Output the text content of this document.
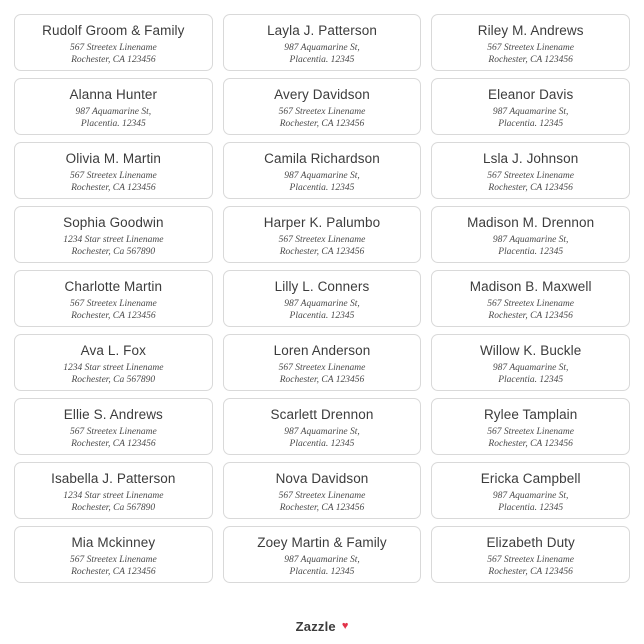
Rudolf Groom & Family
567 Streetex Linename
Rochester, CA 123456
Layla J. Patterson
987 Aquamarine St,
Placentia. 12345
Riley M. Andrews
567 Streetex Linename
Rochester, CA 123456
Alanna Hunter
987 Aquamarine St,
Placentia. 12345
Avery Davidson
567 Streetex Linename
Rochester, CA 123456
Eleanor Davis
987 Aquamarine St,
Placentia. 12345
Olivia M. Martin
567 Streetex Linename
Rochester, CA 123456
Camila Richardson
987 Aquamarine St,
Placentia. 12345
Lsla J. Johnson
567 Streetex Linename
Rochester, CA 123456
Sophia Goodwin
1234 Star street Linename
Rochester, Ca 567890
Harper K. Palumbo
567 Streetex Linename
Rochester, CA 123456
Madison M. Drennon
987 Aquamarine St,
Placentia. 12345
Charlotte Martin
567 Streetex Linename
Rochester, CA 123456
Lilly L. Conners
987 Aquamarine St,
Placentia. 12345
Madison B. Maxwell
567 Streetex Linename
Rochester, CA 123456
Ava L. Fox
1234 Star street Linename
Rochester, Ca 567890
Loren Anderson
567 Streetex Linename
Rochester, CA 123456
Willow K. Buckle
987 Aquamarine St,
Placentia. 12345
Ellie S. Andrews
567 Streetex Linename
Rochester, CA 123456
Scarlett Drennon
987 Aquamarine St,
Placentia. 12345
Rylee Tamplain
567 Streetex Linename
Rochester, CA 123456
Isabella J. Patterson
1234 Star street Linename
Rochester, Ca 567890
Nova Davidson
567 Streetex Linename
Rochester, CA 123456
Ericka Campbell
987 Aquamarine St,
Placentia. 12345
Mia Mckinney
567 Streetex Linename
Rochester, CA 123456
Zoey Martin & Family
987 Aquamarine St,
Placentia. 12345
Elizabeth Duty
567 Streetex Linename
Rochester, CA 123456
Zazzle ♥
